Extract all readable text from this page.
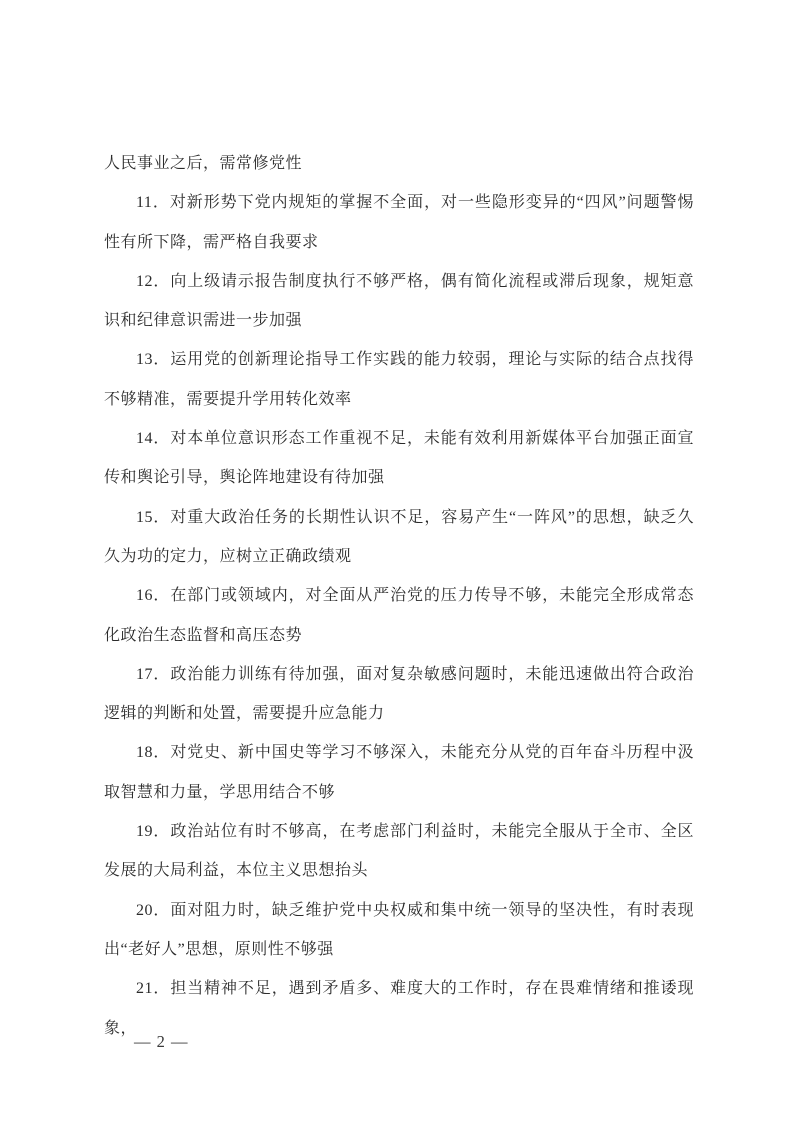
人民事业之后，需常修党性

11．对新形势下党内规矩的掌握不全面，对一些隐形变异的“四风”问题警惕性有所下降，需严格自我要求

12．向上级请示报告制度执行不够严格，偶有简化流程或滞后现象，规矩意识和纪律意识需进一步加强

13．运用党的创新理论指导工作实践的能力较弱，理论与实际的结合点找得不够精准，需要提升学用转化效率

14．对本单位意识形态工作重视不足，未能有效利用新媒体平台加强正面宣传和舆论引导，舆论阵地建设有待加强

15．对重大政治任务的长期性认识不足，容易产生“一阵风”的思想，缺乏久久为功的定力，应树立正确政绩观

16．在部门或领域内，对全面从严治党的压力传导不够，未能完全形成常态化政治生态监督和高压态势

17．政治能力训练有待加强，面对复杂敏感问题时，未能迅速做出符合政治逻辑的判断和处置，需要提升应急能力

18．对党史、新中国史等学习不够深入，未能充分从党的百年奋斗历程中汲取智慧和力量，学思用结合不够

19．政治站位有时不够高，在考虑部门利益时，未能完全服从于全市、全区发展的大局利益，本位主义思想抬头

20．面对阻力时，缺乏维护党中央权威和集中统一领导的坚决性，有时表现出“老好人”思想，原则性不够强

21．担当精神不足，遇到矛盾多、难度大的工作时，存在畏难情绪和推诿现象，

— 2 —
